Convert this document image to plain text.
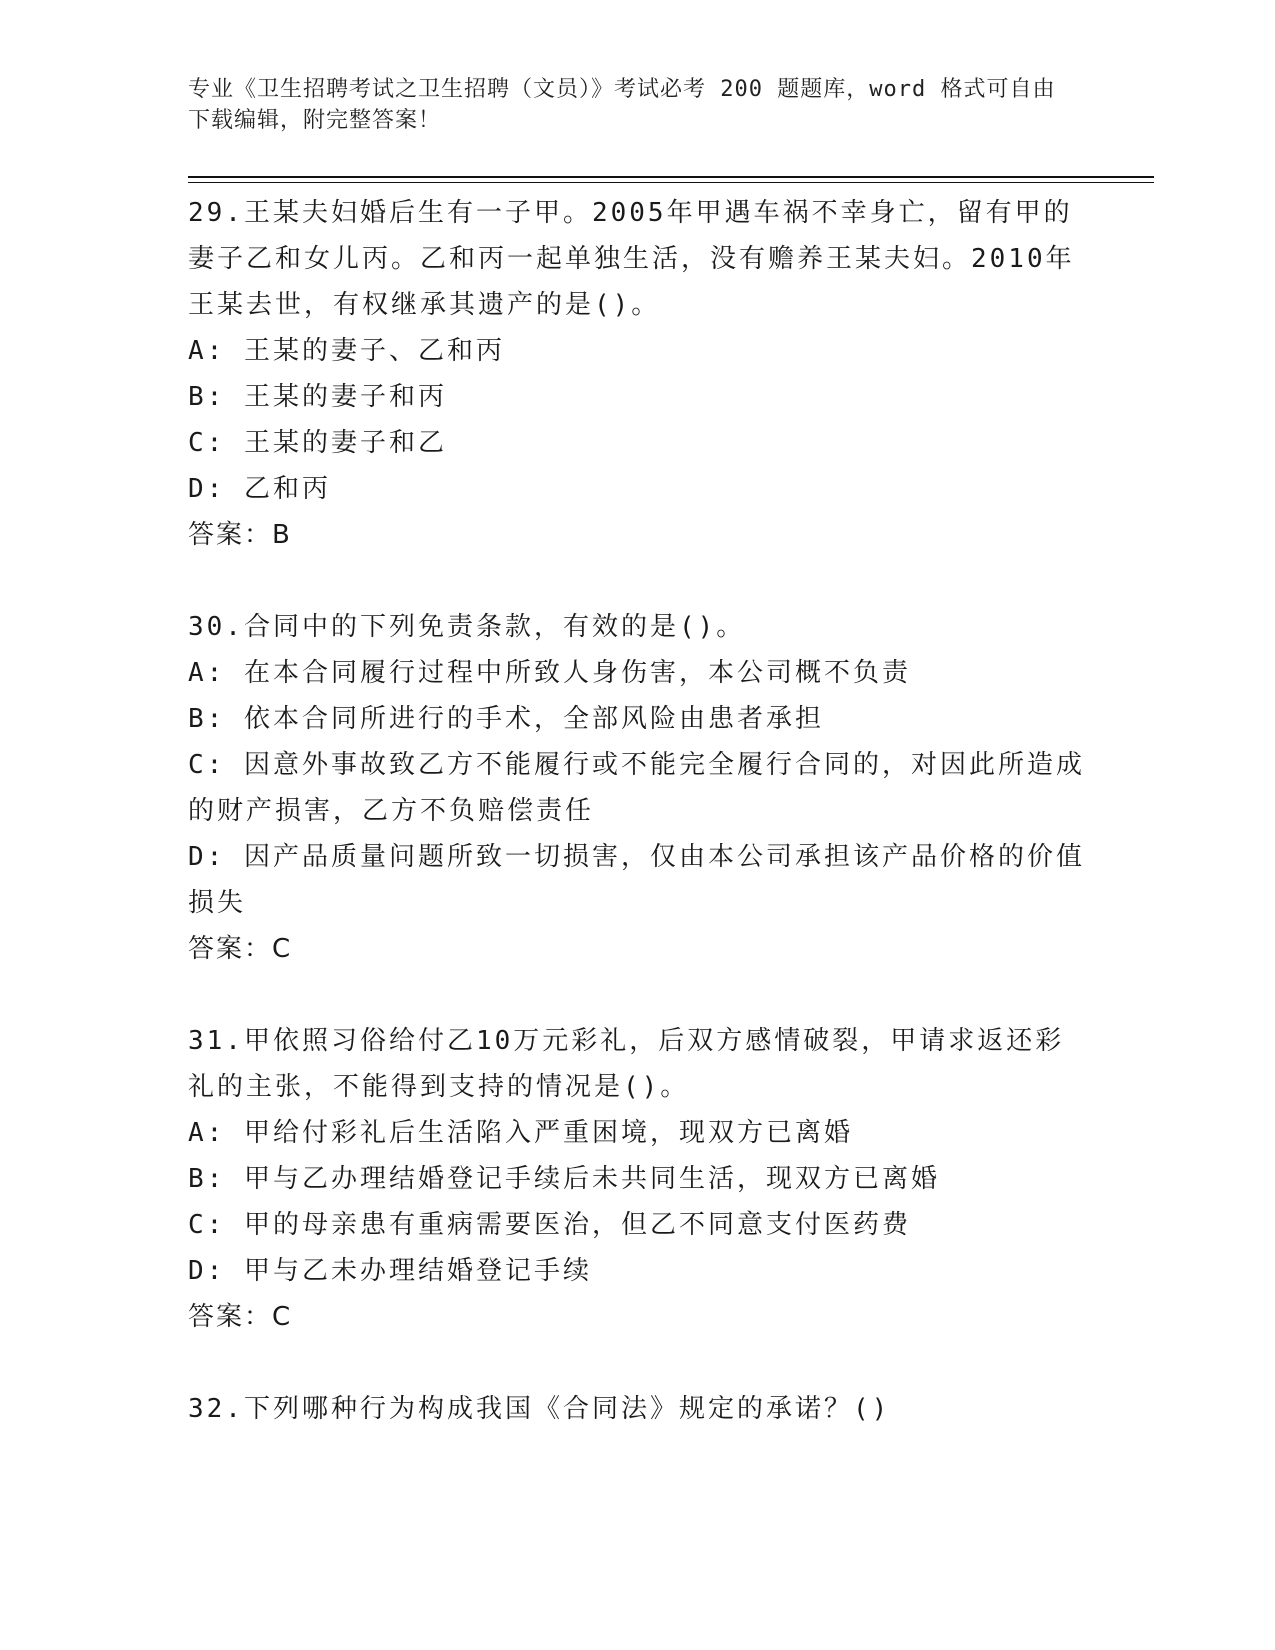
专业《卫生招聘考试之卫生招聘（文员）》考试必考 200 题题库，word 格式可自由下载编辑，附完整答案！

29.王某夫妇婚后生有一子甲。2005年甲遇车祸不幸身亡，留有甲的妻子乙和女儿丙。乙和丙一起单独生活，没有赡养王某夫妇。2010年王某去世，有权继承其遗产的是()。

A: 王某的妻子、乙和丙

B: 王某的妻子和丙

C: 王某的妻子和乙

D: 乙和丙

答案：B

30.合同中的下列免责条款，有效的是()。

A: 在本合同履行过程中所致人身伤害，本公司概不负责

B: 依本合同所进行的手术，全部风险由患者承担

C: 因意外事故致乙方不能履行或不能完全履行合同的，对因此所造成的财产损害，乙方不负赔偿责任

D: 因产品质量问题所致一切损害，仅由本公司承担该产品价格的价值损失

答案：C

31.甲依照习俗给付乙10万元彩礼，后双方感情破裂，甲请求返还彩礼的主张，不能得到支持的情况是()。

A: 甲给付彩礼后生活陷入严重困境，现双方已离婚

B: 甲与乙办理结婚登记手续后未共同生活，现双方已离婚

C: 甲的母亲患有重病需要医治，但乙不同意支付医药费

D: 甲与乙未办理结婚登记手续

答案：C

32.下列哪种行为构成我国《合同法》规定的承诺？()
